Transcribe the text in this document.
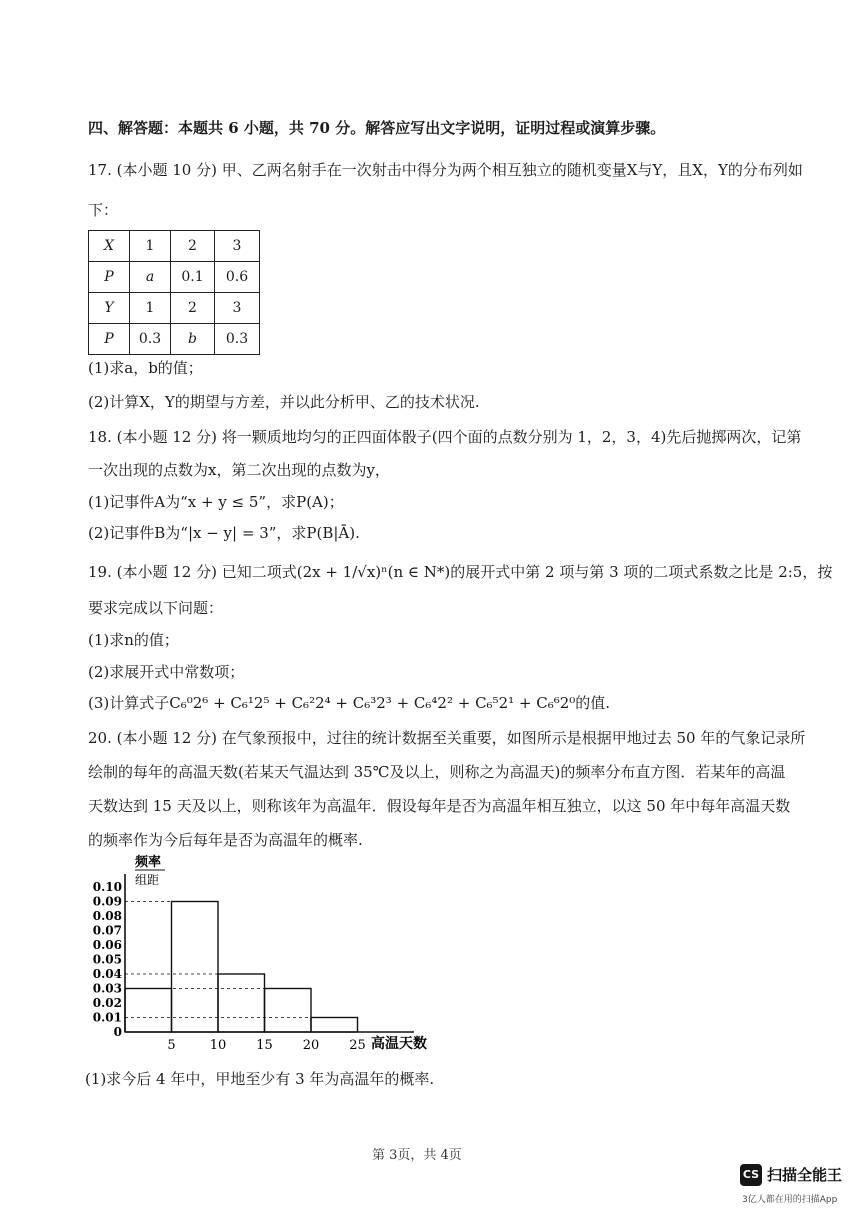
四、解答题：本题共 6 小题，共 70 分。解答应写出文字说明，证明过程或演算步骤。
17. (本小题 10 分) 甲、乙两名射手在一次射击中得分为两个相互独立的随机变量X与Y，且X，Y的分布列如
下：
X	1	2	3
P	a	0.1	0.6
Y	1	2	3
P	0.3	b	0.3
(1)求a，b的值；
(2)计算X，Y的期望与方差，并以此分析甲、乙的技术状况.
18. (本小题 12 分) 将一颗质地均匀的正四面体骰子(四个面的点数分别为 1，2，3，4)先后抛掷两次，记第
一次出现的点数为x，第二次出现的点数为y，
(1)记事件A为“x + y ≤ 5”，求P(A)；
(2)记事件B为“|x − y| = 3”，求P(B|Ā).
19. (本小题 12 分) 已知二项式(2x + 1/√x)ⁿ(n ∈ N*)的展开式中第 2 项与第 3 项的二项式系数之比是 2:5，按
要求完成以下问题：
(1)求n的值；
(2)求展开式中常数项；
(3)计算式子C₆⁰2⁶ + C₆¹2⁵ + C₆²2⁴ + C₆³2³ + C₆⁴2² + C₆⁵2¹ + C₆⁶2⁰的值.
20. (本小题 12 分) 在气象预报中，过往的统计数据至关重要，如图所示是根据甲地过去 50 年的气象记录所
绘制的每年的高温天数(若某天气温达到 35℃及以上，则称之为高温天)的频率分布直方图．若某年的高温
天数达到 15 天及以上，则称该年为高温年．假设每年是否为高温年相互独立，以这 50 年中每年高温天数
的频率作为今后每年是否为高温年的概率.
0.10
0.09
0.08
0.07
0.06
0.05
0.04
0.03
0.02
0.01
0
5	10 15 20 25
频率
组距
高温天数
(1)求今后 4 年中，甲地至少有 3 年为高温年的概率.
第 3页，共 4页
CS 扫描全能王
3亿人都在用的扫描App
